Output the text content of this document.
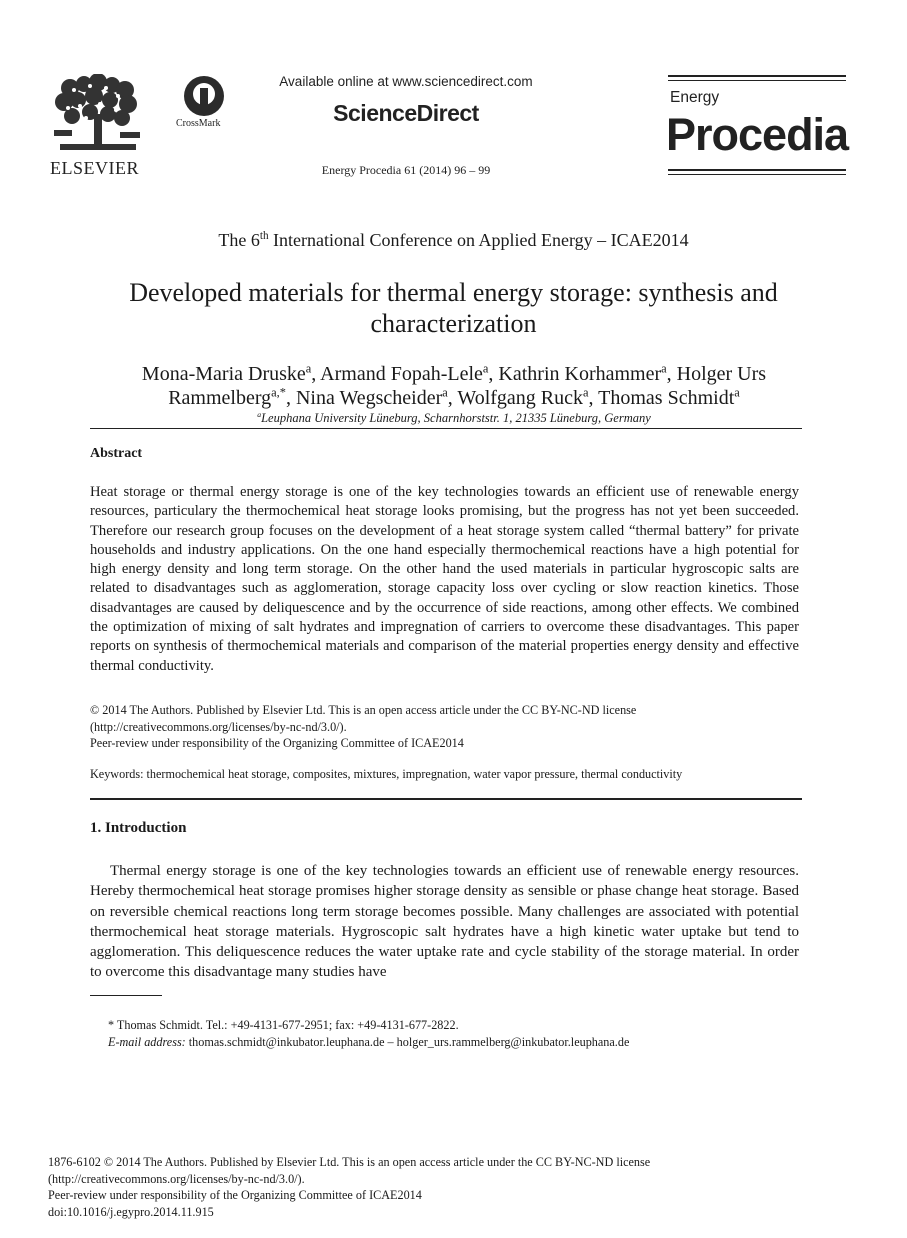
ELSEVIER
CrossMark
Available online at www.sciencedirect.com
ScienceDirect
Energy Procedia 61 (2014) 96 – 99
Energy
Procedia
The 6th International Conference on Applied Energy – ICAE2014
Developed materials for thermal energy storage: synthesis and
characterization
Mona-Maria Druske$^a$, Armand Fopah-Lele$^a$, Kathrin Korhammer$^a$, Holger Urs
Rammelberg$^{a,*}$, Nina Wegscheider$^a$, Wolfgang Ruck$^a$, Thomas Schmidt$^a$
$^a$Leuphana University Lüneburg, Scharnhorststr. 1, 21335 Lüneburg, Germany
Abstract
Heat storage or thermal energy storage is one of the key technologies towards an efficient use of renewable energy resources, particulary the thermochemical heat storage looks promising, but the progress has not yet been succeeded. Therefore our research group focuses on the development of a heat storage system called “thermal battery” for private households and industry applications. On the one hand especially thermochemical reactions have a high potential for high energy density and long term storage. On the other hand the used materials in particular hygroscopic salts are related to disadvantages such as agglomeration, storage capacity loss over cycling or slow reaction kinetics. Those disadvantages are caused by deliquescence and by the occurrence of side reactions, among other effects. We combined the optimization of mixing of salt hydrates and impregnation of carriers to overcome these disadvantages. This paper reports on synthesis of thermochemical materials and comparison of the material properties energy density and effective thermal conductivity.
© 2014 The Authors. Published by Elsevier Ltd. This is an open access article under the CC BY-NC-ND license
(http://creativecommons.org/licenses/by-nc-nd/3.0/).
Peer-review under responsibility of the Organizing Committee of ICAE2014
Keywords: thermochemical heat storage, composites, mixtures, impregnation, water vapor pressure, thermal conductivity
1. Introduction
Thermal energy storage is one of the key technologies towards an efficient use of renewable energy resources. Hereby thermochemical heat storage promises higher storage density as sensible or phase change heat storage. Based on reversible chemical reactions long term storage becomes possible. Many challenges are associated with potential thermochemical heat storage materials. Hygroscopic salt hydrates have a high kinetic water uptake but tend to agglomeration. This deliquescence reduces the water uptake rate and cycle stability of the storage material. In order to overcome this disadvantage many studies have
* Thomas Schmidt. Tel.: +49-4131-677-2951; fax: +49-4131-677-2822.
E-mail address: thomas.schmidt@inkubator.leuphana.de – holger_urs.rammelberg@inkubator.leuphana.de
1876-6102 © 2014 The Authors. Published by Elsevier Ltd. This is an open access article under the CC BY-NC-ND license
(http://creativecommons.org/licenses/by-nc-nd/3.0/).
Peer-review under responsibility of the Organizing Committee of ICAE2014
doi:10.1016/j.egypro.2014.11.915
